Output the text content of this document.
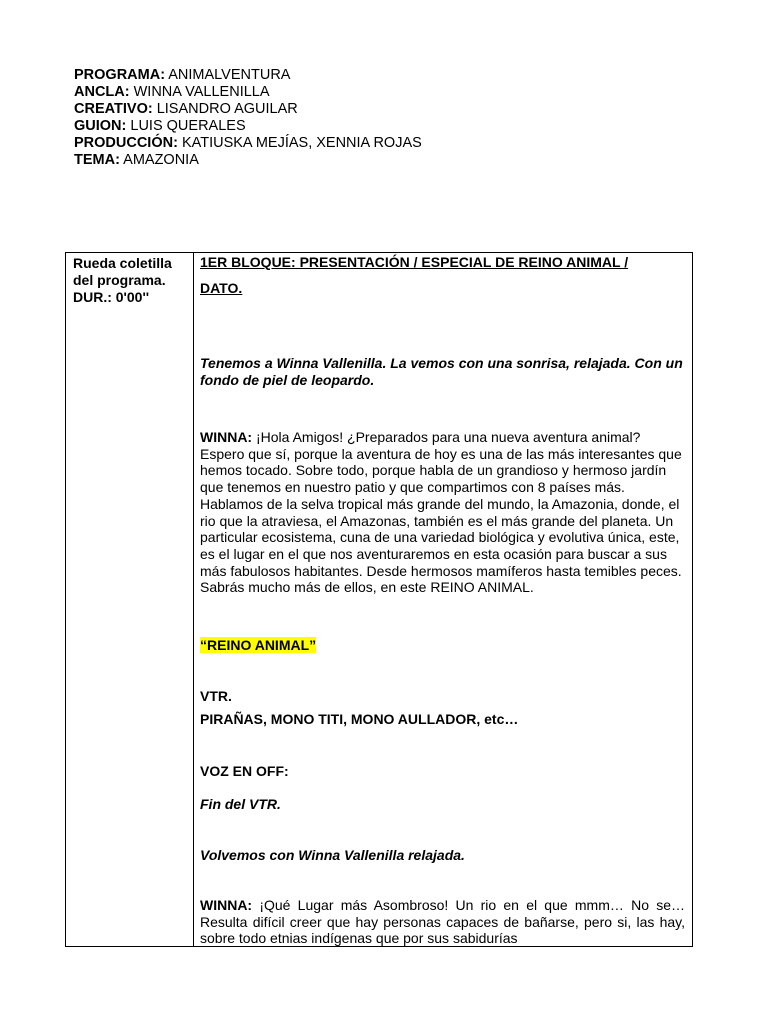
PROGRAMA: ANIMALVENTURA
ANCLA: WINNA VALLENILLA
CREATIVO: LISANDRO AGUILAR
GUION: LUIS QUERALES
PRODUCCIÓN: KATIUSKA MEJÍAS, XENNIA ROJAS
TEMA: AMAZONIA
Rueda coletilla
del programa.
DUR.: 0'00''
1ER BLOQUE: PRESENTACIÓN / ESPECIAL DE REINO ANIMAL /
DATO.
Tenemos a Winna Vallenilla. La vemos con una sonrisa, relajada. Con un fondo de piel de leopardo.
WINNA: ¡Hola Amigos! ¿Preparados para una nueva aventura animal? Espero que sí, porque la aventura de hoy es una de las más interesantes que hemos tocado. Sobre todo, porque habla de un grandioso y hermoso jardín que tenemos en nuestro patio y que compartimos con 8 países más. Hablamos de la selva tropical más grande del mundo, la Amazonia, donde, el rio que la atraviesa, el Amazonas, también es el más grande del planeta. Un particular ecosistema, cuna de una variedad biológica y evolutiva única, este, es el lugar en el que nos aventuraremos en esta ocasión para buscar a sus más fabulosos habitantes. Desde hermosos mamíferos hasta temibles peces. Sabrás mucho más de ellos, en este REINO ANIMAL.
“REINO ANIMAL”
VTR.
PIRAÑAS, MONO TITI, MONO AULLADOR, etc…
VOZ EN OFF:
Fin del VTR.
Volvemos con Winna Vallenilla relajada.
WINNA: ¡Qué Lugar más Asombroso! Un rio en el que mmm… No se… Resulta difícil creer que hay personas capaces de bañarse, pero si, las hay, sobre todo etnias indígenas que por sus sabidurías
